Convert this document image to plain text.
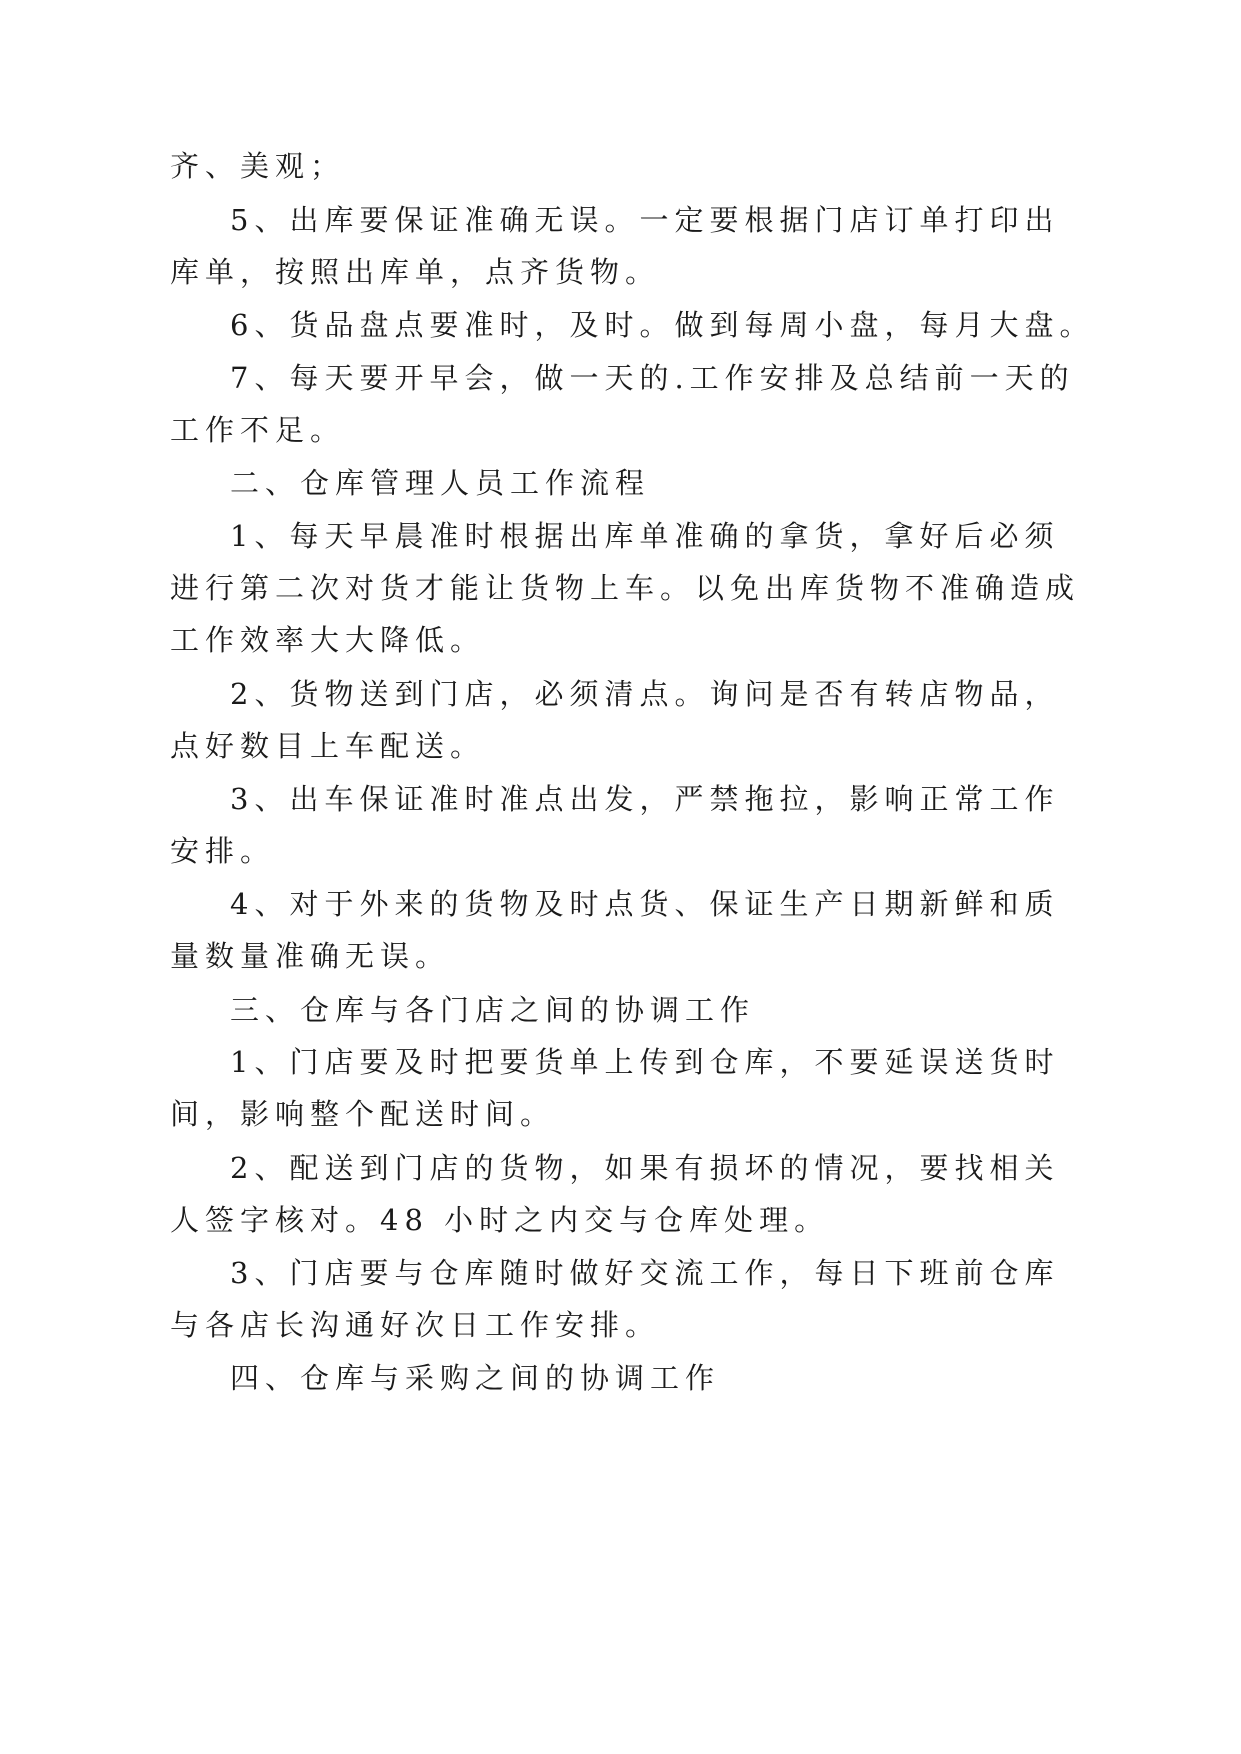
齐、美观；

5、出库要保证准确无误。一定要根据门店订单打印出

库单，按照出库单，点齐货物。

6、货品盘点要准时，及时。做到每周小盘，每月大盘。

7、每天要开早会，做一天的.工作安排及总结前一天的

工作不足。

二、仓库管理人员工作流程

1、每天早晨准时根据出库单准确的拿货，拿好后必须

进行第二次对货才能让货物上车。以免出库货物不准确造成

工作效率大大降低。

2、货物送到门店，必须清点。询问是否有转店物品，

点好数目上车配送。

3、出车保证准时准点出发，严禁拖拉，影响正常工作

安排。

4、对于外来的货物及时点货、保证生产日期新鲜和质

量数量准确无误。

三、仓库与各门店之间的协调工作

1、门店要及时把要货单上传到仓库，不要延误送货时

间，影响整个配送时间。

2、配送到门店的货物，如果有损坏的情况，要找相关

人签字核对。48 小时之内交与仓库处理。

3、门店要与仓库随时做好交流工作，每日下班前仓库

与各店长沟通好次日工作安排。

四、仓库与采购之间的协调工作
